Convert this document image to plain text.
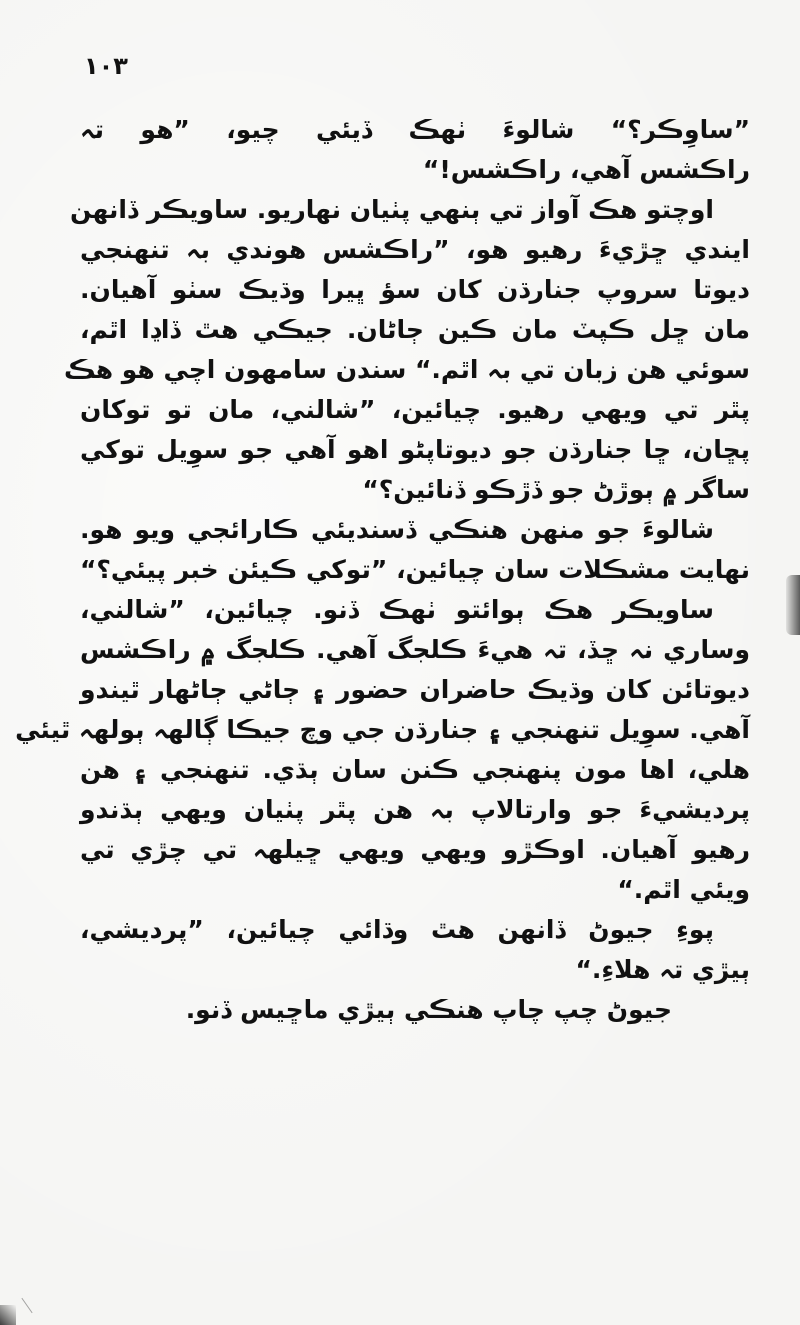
١٠٣
”ساوِڪر؟“ شالوءَ ٺهڪ ڏيئي چيو، ”هو تہ
راڪشس آهي، راڪشس!“
اوچتو هڪ آواز تي ٻنهي پٺيان نهاريو. ساويڪر ڏانهن
ايندي ڇڙيءَ رهيو هو، ”راڪشس هوندي بہ تنهنجي
ديوتا سروپ جنارڌن کان سؤ ڀيرا وڌيڪ سٺو آهيان.
مان ڇل ڪپٽ مان ڪين ڄاڻان. جيڪي هٿ ڏاڍا اٿم،
سوئي هن زبان تي بہ اٿم.“ سندن سامهون اچي هو هڪ
پٿر تي ويهي رهيو. چيائين، ”شالني، مان تو توکان
پڇان، ڇا جنارڌن جو ديوتاپڻو اهو آهي جو سوِيل توکي
ساگر ۾ ٻوڙڻ جو ڏڙڪو ڏنائين؟“
شالوءَ جو منهن هنڪي ڏسنديئي ڪارائجي ويو هو.
نهايت مشڪلات سان چيائين، ”توکي ڪيئن خبر پيئي؟“
ساويڪر هڪ ٻوائتو ٺهڪ ڏنو. چيائين، ”شالني،
وساري نہ ڇڏ، تہ هيءَ ڪلجگ آهي. ڪلجگ ۾ راڪشس
ديوتائن کان وڌيڪ حاضران حضور ۽ ڄاڻي ڄاڻهار ٿيندو
آهي. سوِيل تنهنجي ۽ جنارڌن جي وچ جيڪا ڳالهہ ٻولهہ ٿيئي
هلي، اها مون پنهنجي ڪنن سان ٻڌي. تنهنجي ۽ هن
پرديشيءَ جو وارتالاپ بہ هن پٿر پٺيان ويهي ٻڌندو
رهيو آهيان. اوڪڙو ويهي ويهي ڇيلهہ تي چڙي تي
ويئي اٿم.“
پوءِ جيوڻ ڏانهن هٿ وڌائي چيائين، ”پرديشي،
ٻيڙي تہ هلاءِ.“
جيوڻ چپ چاپ هنڪي ٻيڙي ماڇيس ڏنو.
